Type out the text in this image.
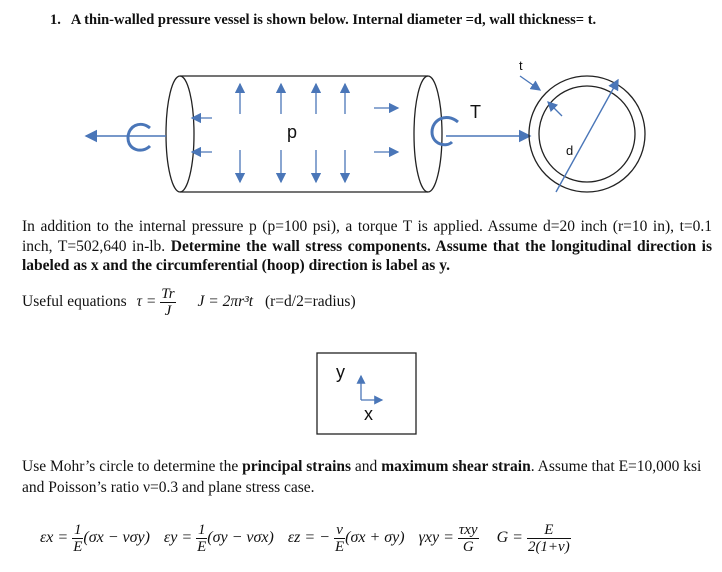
1. A thin-walled pressure vessel is shown below. Internal diameter =d, wall thickness= t.
p
T
d
t
In addition to the internal pressure p (p=100 psi), a torque T is applied. Assume d=20 inch (r=10 in), t=0.1 inch, T=502,640 in-lb. Determine the wall stress components. Assume that the longitudinal direction is labeled as x and the circumferential (hoop) direction is label as y.
Useful equations $\tau = \frac{Tr}{J}$ J = 2πr³t (r=d/2=radius)
y
x
Use Mohr’s circle to determine the principal strains and maximum shear strain. Assume that E=10,000 ksi and Poisson’s ratio ν=0.3 and plane stress case.
$\varepsilon x = \frac{1}{E} (\sigma x - \nu\sigma y) \varepsilon y = \frac{1}{E} (\sigma y - \nu\sigma x) \varepsilon z$ = − $\frac{\nu}{E} (\sigma x + \sigma y) \gamma xy = \frac{\text{τxy}}{G}$ $G = \frac{E}{2(1+\nu)}$
